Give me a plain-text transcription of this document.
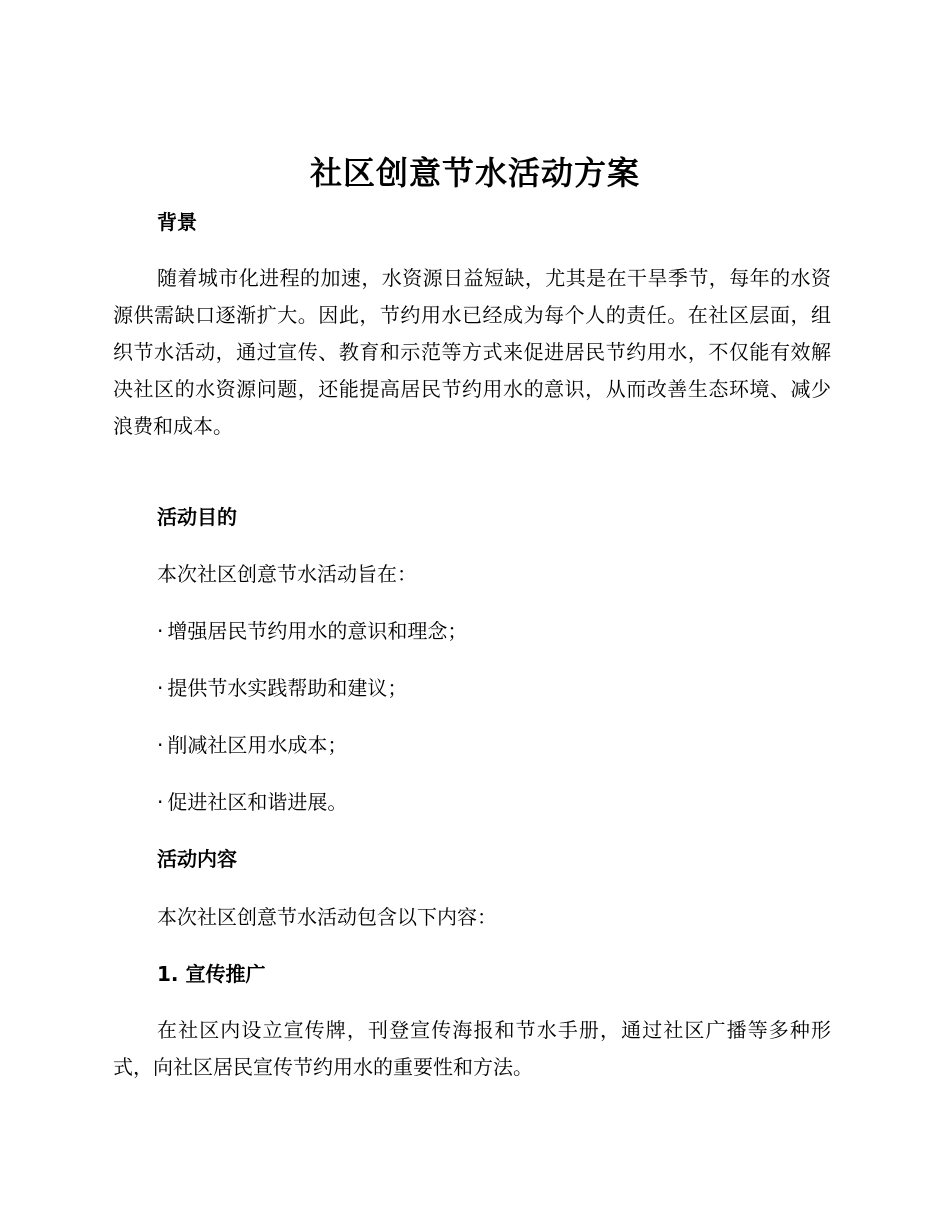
社区创意节水活动方案
背景
随着城市化进程的加速，水资源日益短缺，尤其是在干旱季节，每年的水资源供需缺口逐渐扩大。因此，节约用水已经成为每个人的责任。在社区层面，组织节水活动，通过宣传、教育和示范等方式来促进居民节约用水，不仅能有效解决社区的水资源问题，还能提高居民节约用水的意识，从而改善生态环境、减少浪费和成本。
活动目的
本次社区创意节水活动旨在：
· 增强居民节约用水的意识和理念；
· 提供节水实践帮助和建议；
· 削减社区用水成本；
· 促进社区和谐进展。
活动内容
本次社区创意节水活动包含以下内容：
1. 宣传推广
在社区内设立宣传牌，刊登宣传海报和节水手册，通过社区广播等多种形式，向社区居民宣传节约用水的重要性和方法。
